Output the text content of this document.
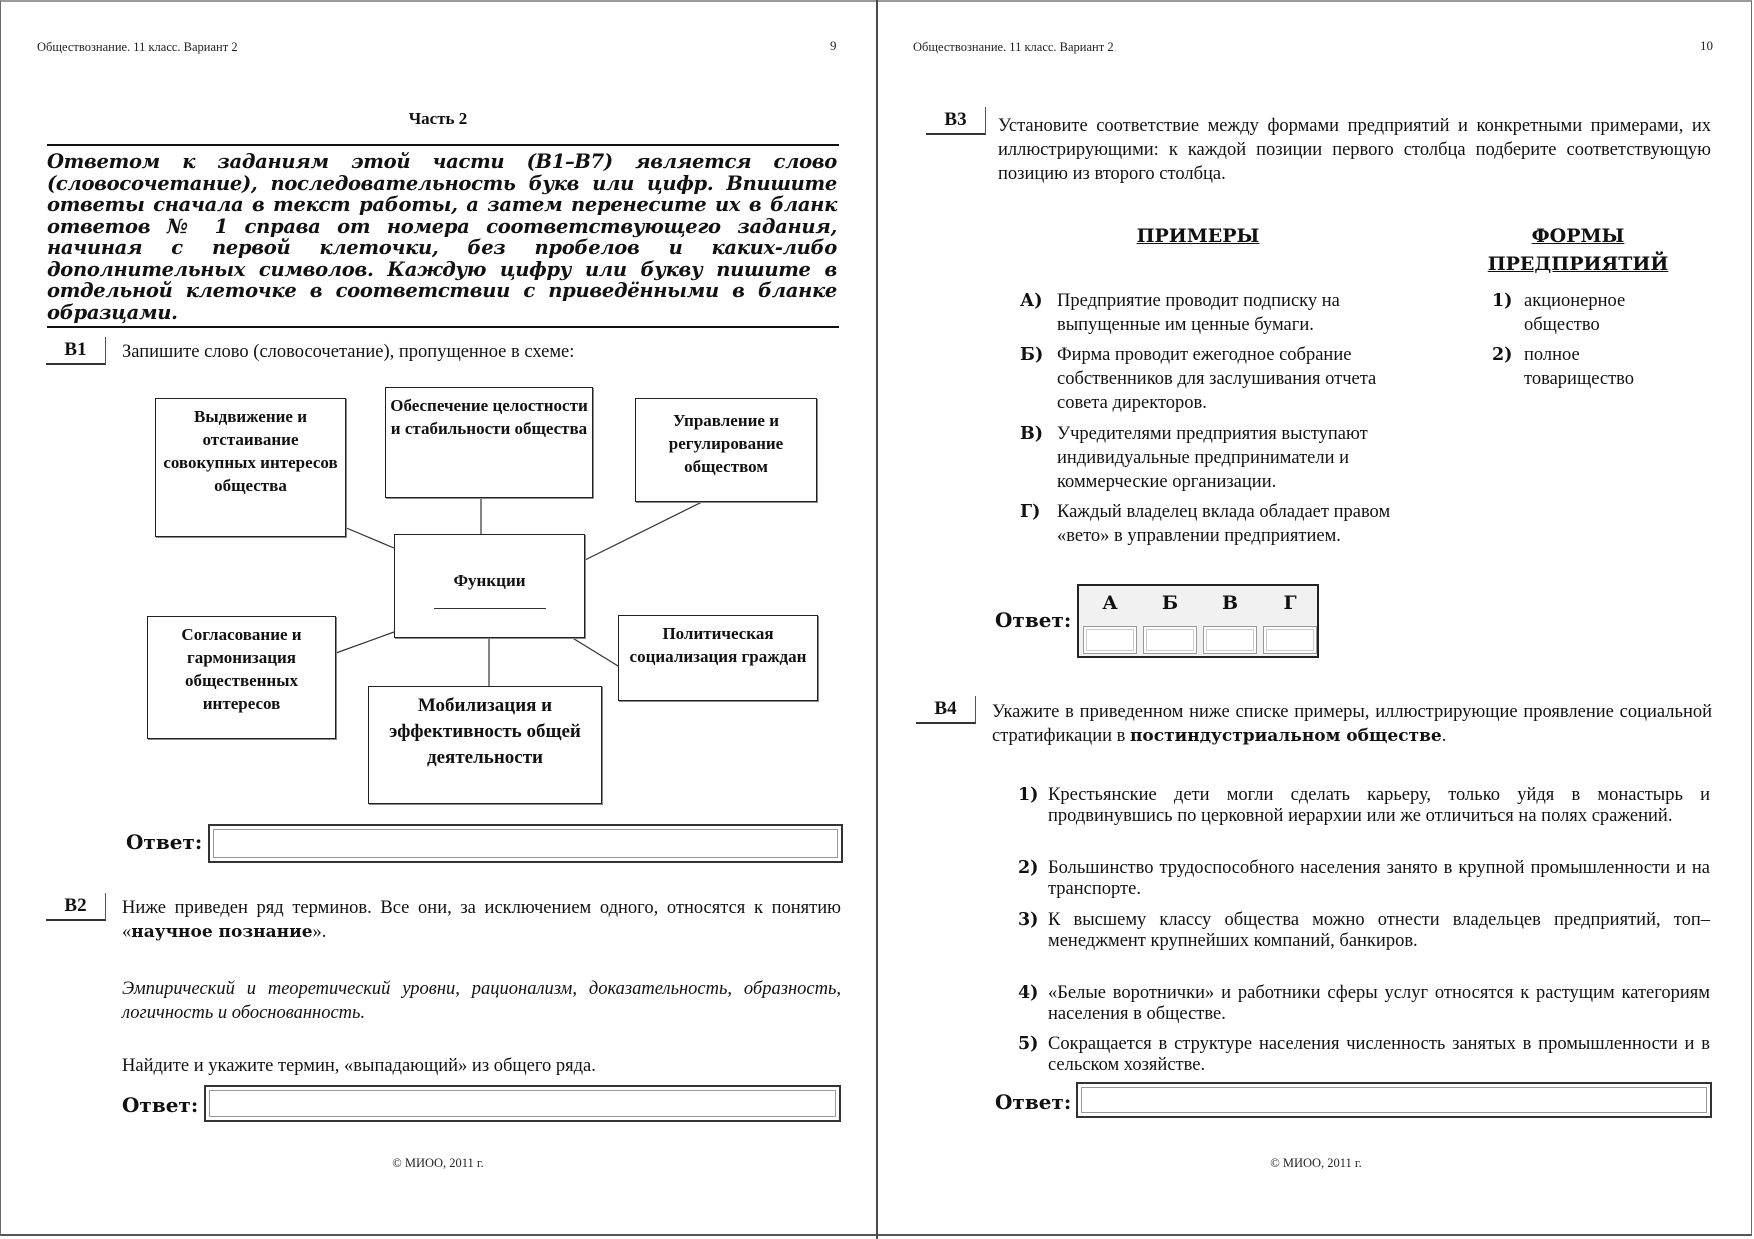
Обществознание. 11 класс. Вариант 2	9
Часть 2
Ответом к заданиям этой части (В1–В7) является слово (словосочетание), последовательность букв или цифр. Впишите ответы сначала в текст работы, а затем перенесите их в бланк ответов № 1 справа от номера соответствующего задания, начиная с первой клеточки, без пробелов и каких-либо дополнительных символов. Каждую цифру или букву пишите в отдельной клеточке в соответствии с приведёнными в бланке образцами.
В1	Запишите слово (словосочетание), пропущенное в схеме:
Выдвижение и отстаивание совокупных интересов общества
Обеспечение целостности и стабильности общества	Управление и регулирование обществом
Функции
Согласование и гармонизация общественных интересов	Мобилизация и эффективность общей деятельности
Политическая социализация граждан
Ответ:
В2	Ниже приведен ряд терминов. Все они, за исключением одного, относятся к понятию «научное познание».
Эмпирический и теоретический уровни, рационализм, доказательность, образность, логичность и обоснованность.
Найдите и укажите термин, «выпадающий» из общего ряда.
Ответ:
© МИОО, 2011 г.
Обществознание. 11 класс. Вариант 2	10
В3	Установите соответствие между формами предприятий и конкретными примерами, их иллюстрирующими: к каждой позиции первого столбца подберите соответствующую позицию из второго столбца.
ПРИМЕРЫ	ФОРМЫ
ПРЕДПРИЯТИЙ
А) Предприятие проводит подписку на выпущенные им ценные бумаги.
Б) Фирма проводит ежегодное собрание собственников для заслушивания отчета совета директоров.
В) Учредителями предприятия выступают индивидуальные предприниматели и коммерческие организации.
Г) Каждый владелец вклада обладает правом «вето» в управлении предприятием.
1) акционерное общество
2) полное товарищество
Ответ:
А	Б	В	Г
В4	Укажите в приведенном ниже списке примеры, иллюстрирующие проявление социальной стратификации в постиндустриальном обществе.
1) Крестьянские дети могли сделать карьеру, только уйдя в монастырь и продвинувшись по церковной иерархии или же отличиться на полях сражений.
2) Большинство трудоспособного населения занято в крупной промышленности и на транспорте.
3) К высшему классу общества можно отнести владельцев предприятий, топ–менеджмент крупнейших компаний, банкиров.
4) «Белые воротнички» и работники сферы услуг относятся к растущим категориям населения в обществе.
5) Сокращается в структуре населения численность занятых в промышленности и в сельском хозяйстве.
Ответ:
© МИОО, 2011 г.
